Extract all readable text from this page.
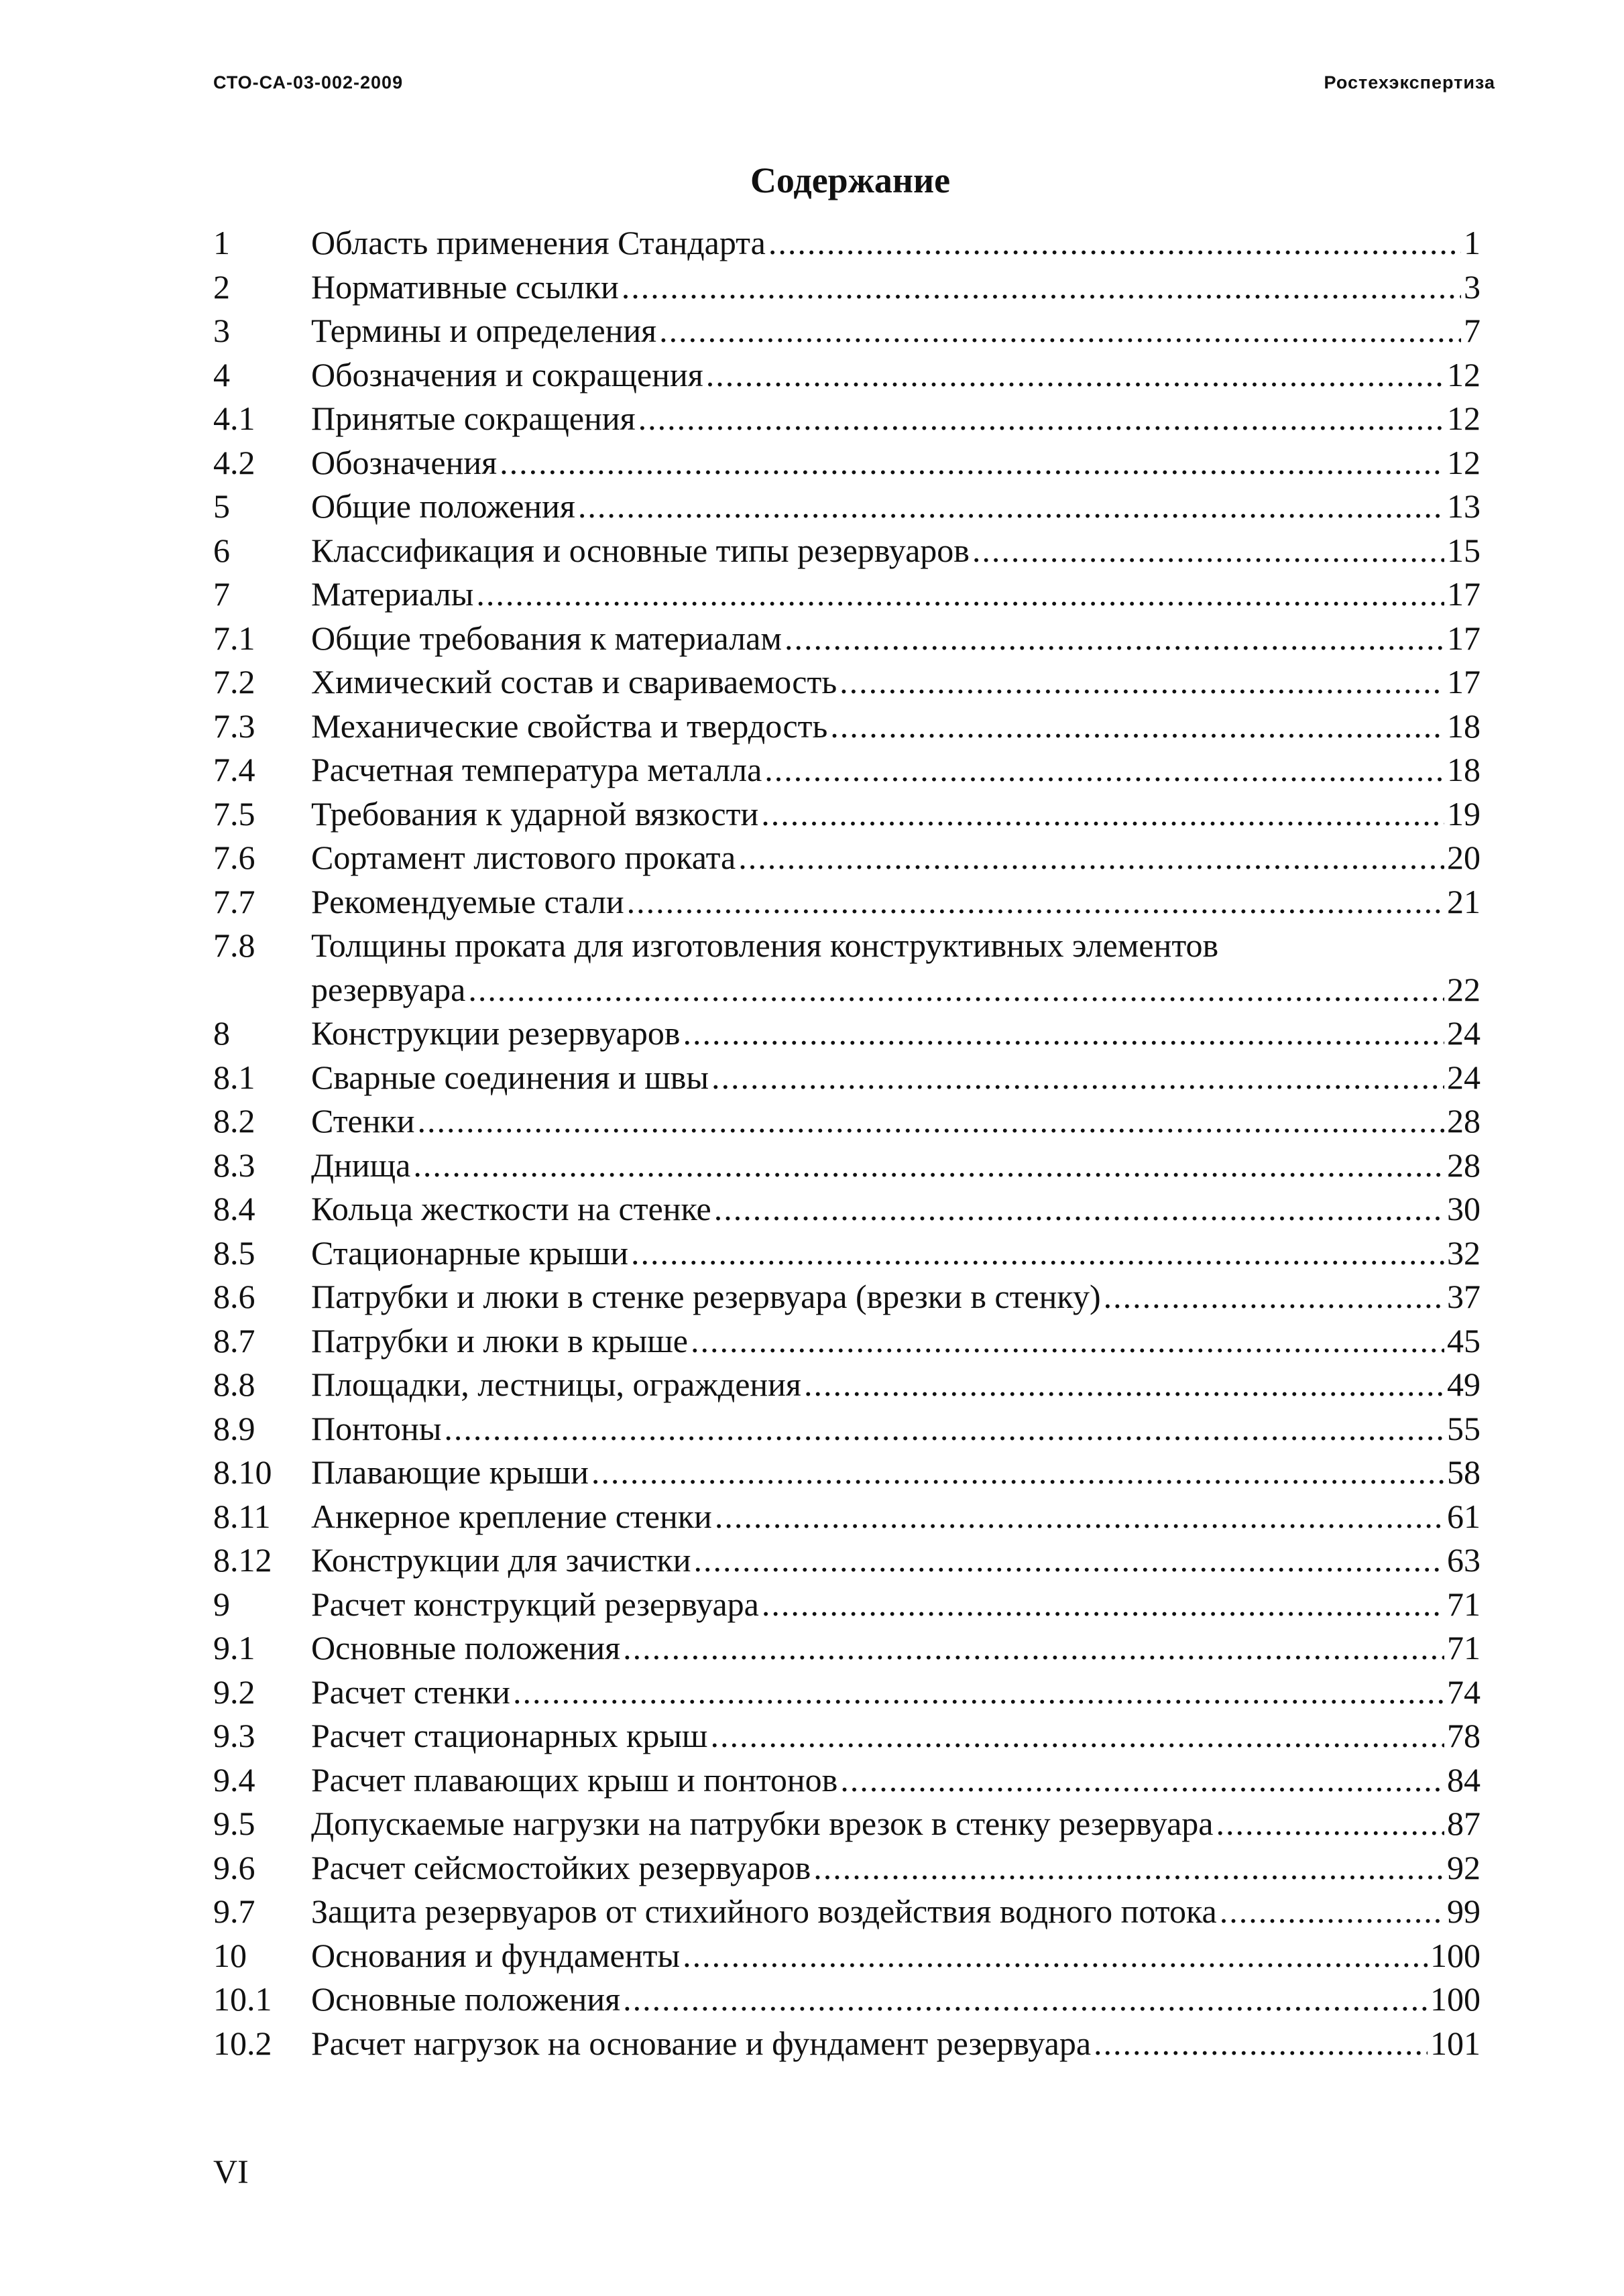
СТО-СА-03-002-2009	Ростехэкспертиза
Содержание
1 Область применения Стандарта .....	1
2 Нормативные ссылки .....	3
3 Термины и определения .....	7
4 Обозначения и сокращения .....	12
4.1 Принятые сокращения .....	12
4.2 Обозначения .....	12
5 Общие положения .....	13
6 Классификация и основные типы резервуаров .....	15
7 Материалы .....	17
7.1 Общие требования к материалам .....	17
7.2 Химический состав и свариваемость .....	17
7.3 Механические свойства и твердость .....	18
7.4 Расчетная температура металла .....	18
7.5 Требования к ударной вязкости .....	19
7.6 Сортамент листового проката .....	20
7.7 Рекомендуемые стали .....	21
7.8 Толщины проката для изготовления конструктивных элементов
резервуара .....	22
8 Конструкции резервуаров .....	24
8.1 Сварные соединения и швы .....	24
8.2 Стенки .....	28
8.3 Днища .....	28
8.4 Кольца жесткости на стенке .....	30
8.5 Стационарные крыши .....	32
8.6 Патрубки и люки в стенке резервуара (врезки в стенку) .....	37
8.7 Патрубки и люки в крыше .....	45
8.8 Площадки, лестницы, ограждения .....	49
8.9 Понтоны .....	55
8.10 Плавающие крыши .....	58
8.11 Анкерное крепление стенки .....	61
8.12 Конструкции для зачистки .....	63
9 Расчет конструкций резервуара .....	71
9.1 Основные положения .....	71
9.2 Расчет стенки .....	74
9.3 Расчет стационарных крыш .....	78
9.4 Расчет плавающих крыш и понтонов .....	84
9.5 Допускаемые нагрузки на патрубки врезок в стенку резервуара .....	87
9.6 Расчет сейсмостойких резервуаров .....	92
9.7 Защита резервуаров от стихийного воздействия водного потока .....	99
10 Основания и фундаменты .....	100
10.1 Основные положения .....	100
10.2 Расчет нагрузок на основание и фундамент резервуара .....	101
VI
